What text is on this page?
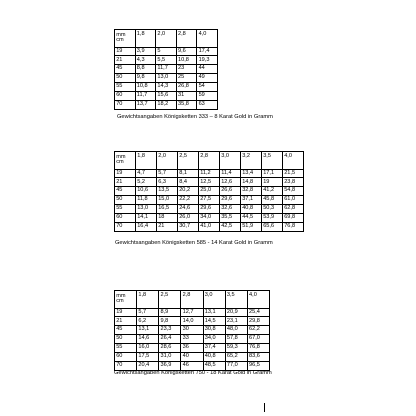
mm
cm	1,8	2,0	2,8	4,0
19	3,9	5	9,6	17,4
21	4,3	5,5	10,8	19,3
45	8,8	11,7	23	44
50	9,8	13,0	25	49
55	10,8	14,3	26,8	54
60	11,7	15,6	31	59
70	13,7	18,2	35,8	63
Gewichtsangaben Königsketten 333 – 8 Karat Gold in Gramm
mm
cm	1,8	2,0	2,5	2,8	3,0	3,2	3,5	4,0
19	4,7	5,7	8,1	11,2	11,4	13,4	17,1	21,5
21	5,2	6,3	8,4	12,5	12,6	14,8	19	23,8
45	10,6	13,5	20,2	25,0	26,6	32,8	41,2	54,8
50	11,8	15,0	22,2	27,5	29,6	37,1	45,8	61,0
55	13,0	16,5	24,6	29,6	32,6	40,8	50,3	62,8
60	14,1	18	26,0	34,0	35,5	44,5	53,9	69,8
70	16,4	21	30,7	41,0	42,5	51,9	65,6	76,8
Gewichtsangaben Königsketten 585 - 14 Karat Gold in Gramm
mm
cm	1,8	2,5	2,8	3,0	3,5	4,0
19	5,7	8,9	12,7	13,1	20,9	25,4
21	6,2	9,8	14,0	14,5	23,1	29,8
45	13,1	23,3	30	30,8	48,0	62,2
50	14,6	26,4	33	34,0	57,8	67,0
55	16,0	28,6	36	37,4	59,3	76,8
60	17,5	31,0	40	40,8	65,2	83,6
70	20,4	36,9	46	48,5	77,0	96,5
Gewichtsangaben Königsketten 750 - 18 Karat Gold in Gramm
